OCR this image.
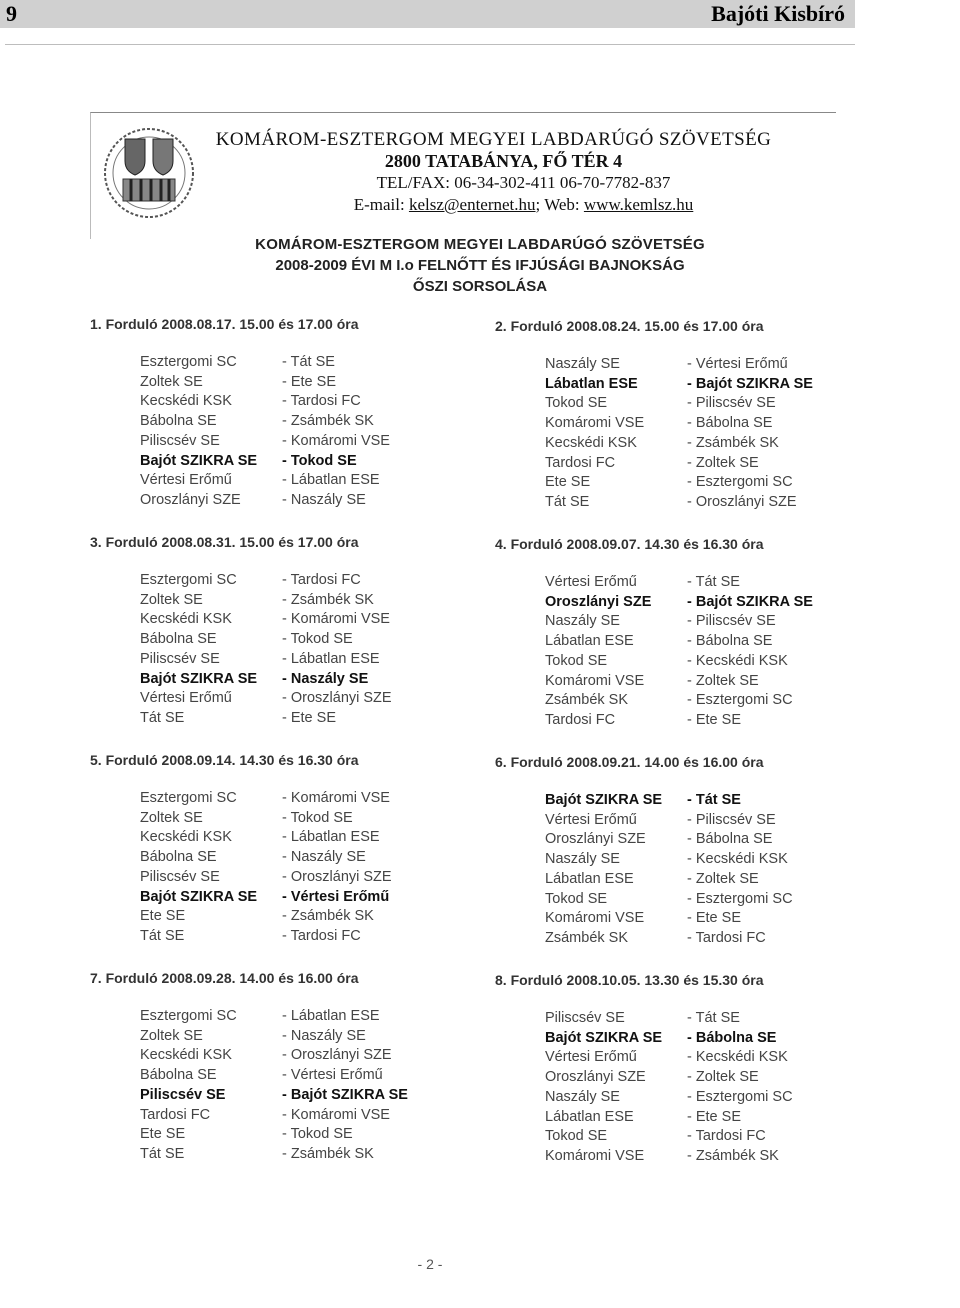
9	Bajóti Kisbíró
KOMÁROM-ESZTERGOM MEGYEI LABDARÚGÓ SZÖVETSÉG
2800 TATABÁNYA, FŐ TÉR 4
TEL/FAX: 06-34-302-411 06-70-7782-837
E-mail: kelsz@enternet.hu; Web: www.kemlsz.hu
KOMÁROM-ESZTERGOM MEGYEI LABDARÚGÓ SZÖVETSÉG
2008-2009 ÉVI M I.o FELNŐTT ÉS IFJÚSÁGI BAJNOKSÁG
ŐSZI SORSOLÁSA
1. Forduló 2008.08.17. 15.00 és 17.00 óra
Esztergomi SC	- Tát SE
Zoltek SE	- Ete SE
Kecskédi KSK	- Tardosi FC
Bábolna SE	- Zsámbék SK
Piliscsév SE	- Komáromi VSE
Bajót SZIKRA SE - Tokod SE
Vértesi Erőmű	- Lábatlan ESE
Oroszlányi SZE	- Naszály SE
2. Forduló 2008.08.24. 15.00 és 17.00 óra
Naszály SE	- Vértesi Erőmű
Lábatlan ESE	- Bajót SZIKRA SE
Tokod SE	- Piliscsév SE
Komáromi VSE	- Bábolna SE
Kecskédi KSK	- Zsámbék SK
Tardosi FC	- Zoltek SE
Ete SE	- Esztergomi SC
Tát SE	- Oroszlányi SZE
3. Forduló 2008.08.31. 15.00 és 17.00 óra
Esztergomi SC	- Tardosi FC
Zoltek SE	- Zsámbék SK
Kecskédi KSK	- Komáromi VSE
Bábolna SE	- Tokod SE
Piliscsév SE	- Lábatlan ESE
Bajót SZIKRA SE - Naszály SE
Vértesi Erőmű	- Oroszlányi SZE
Tát SE	- Ete SE
4. Forduló 2008.09.07. 14.30 és 16.30 óra
Vértesi Erőmű	- Tát SE
Oroszlányi SZE - Bajót SZIKRA SE
Naszály SE	- Piliscsév SE
Lábatlan ESE	- Bábolna SE
Tokod SE	- Kecskédi KSK
Komáromi VSE	- Zoltek SE
Zsámbék SK	- Esztergomi SC
Tardosi FC	- Ete SE
5. Forduló 2008.09.14. 14.30 és 16.30 óra
Esztergomi SC	- Komáromi VSE
Zoltek SE	- Tokod SE
Kecskédi KSK	- Lábatlan ESE
Bábolna SE	- Naszály SE
Piliscsév SE	- Oroszlányi SZE
Bajót SZIKRA SE - Vértesi Erőmű
Ete SE	- Zsámbék SK
Tát SE	- Tardosi FC
6. Forduló 2008.09.21. 14.00 és 16.00 óra
Bajót SZIKRA SE - Tát SE
Vértesi Erőmű	- Piliscsév SE
Oroszlányi SZE	- Bábolna SE
Naszály SE	- Kecskédi KSK
Lábatlan ESE	- Zoltek SE
Tokod SE	- Esztergomi SC
Komáromi VSE	- Ete SE
Zsámbék SK	- Tardosi FC
7. Forduló 2008.09.28. 14.00 és 16.00 óra
Esztergomi SC	- Lábatlan ESE
Zoltek SE	- Naszály SE
Kecskédi KSK	- Oroszlányi SZE
Bábolna SE	- Vértesi Erőmű
Piliscsév SE	- Bajót SZIKRA SE
Tardosi FC	- Komáromi VSE
Ete SE	- Tokod SE
Tát SE	- Zsámbék SK
8. Forduló 2008.10.05. 13.30 és 15.30 óra
Piliscsév SE	- Tát SE
Bajót SZIKRA SE - Bábolna SE
Vértesi Erőmű	- Kecskédi KSK
Oroszlányi SZE	- Zoltek SE
Naszály SE	- Esztergomi SC
Lábatlan ESE	- Ete SE
Tokod SE	- Tardosi FC
Komáromi VSE	- Zsámbék SK
- 2 -
